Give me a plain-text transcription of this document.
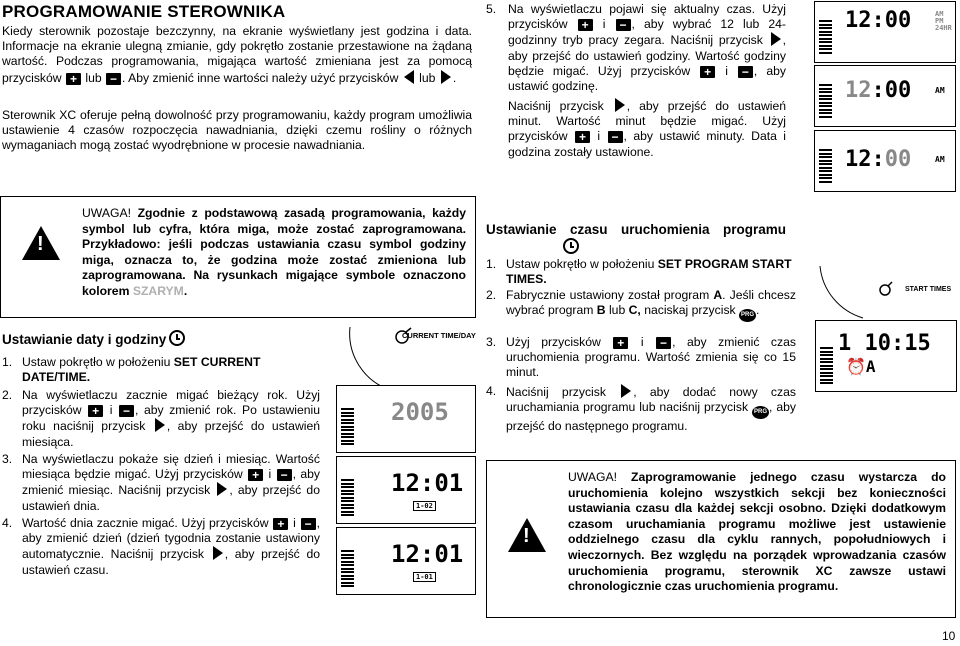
PROGRAMOWANIE STEROWNIKA
Kiedy sterownik pozostaje bezczynny, na ekranie wyświetlany jest godzina i data. Informacje na ekranie ulegną zmianie, gdy pokrętło zostanie przestawione na żądaną wartość. Podczas programowania, migająca wartość zmieniana jest za pomocą przycisków + lub − . Aby zmienić inne wartości należy użyć przycisków lub .
Sterownik XC oferuje pełną dowolność przy programowaniu, każdy program umożliwia ustawienie 4 czasów rozpoczęcia nawadniania, dzięki czemu rośliny o różnych wymaganiach mogą zostać wyodrębnione w procesie nawadniania.
!
UWAGA! Zgodnie z podstawową zasadą programowania, każdy symbol lub cyfra, która miga, może zostać zaprogramowana. Przykładowo: jeśli podczas ustawiania czasu symbol godziny miga, oznacza to, że godzina może zostać zmieniona lub zaprogramowana. Na rysunkach migające symbole oznaczono kolorem SZARYM.
Ustawianie daty i godziny	CURRENT TIME/DAY
1. Ustaw pokrętło w położeniu SET CURRENT DATE/TIME.
2. Na wyświetlaczu zacznie migać bieżący rok. Użyj przycisków + i − , aby zmienić rok. Po ustawieniu roku naciśnij przycisk , aby przejść do ustawień miesiąca.
3. Na wyświetlaczu pokaże się dzień i miesiąc. Wartość miesiąca będzie migać. Użyj przycisków + i − , aby zmienić miesiąc. Naciśnij przycisk , aby przejść do ustawień dnia.
4. Wartość dnia zacznie migać. Użyj przycisków + i − , aby zmienić dzień (dzień tygodnia zostanie ustawiony automatycznie. Naciśnij przycisk , aby przejść do ustawień czasu.
2005
12:01
1-02
12:01
1-01
5. Na wyświetlaczu pojawi się aktualny czas. Użyj przycisków + i − , aby wybrać 12 lub 24-godzinny tryb pracy zegara. Naciśnij przycisk , aby przejść do ustawień godziny. Wartość godziny będzie migać. Użyj przycisków + i − , aby ustawić godzinę.
Naciśnij przycisk , aby przejść do ustawień minut. Wartość minut będzie migać. Użyj przycisków + i − , aby ustawić minuty. Data i godzina zostały ustawione.
12:00	AM
PM
24HR
12:00	AM
12:00	AM
Ustawianie czasu uruchomienia programu
1. Ustaw pokrętło w położeniu SET PROGRAM START TIMES.
2. Fabrycznie ustawiony został program A. Jeśli chcesz wybrać program B lub C, naciskaj przycisk PRG .
3. Użyj przycisków + i − , aby zmienić czas uruchomienia programu. Wartość zmienia się co 15 minut.
4. Naciśnij przycisk , aby dodać nowy czas uruchamiania programu lub naciśnij przycisk PRG , aby przejść do następnego programu.
START TIMES
1 10:15
⏰A
!
UWAGA! Zaprogramowanie jednego czasu wystarcza do uruchomienia kolejno wszystkich sekcji bez konieczności ustawiania czasu dla każdej sekcji osobno. Dzięki dodatkowym czasom uruchamiania programu możliwe jest ustawienie oddzielnego czasu dla cyklu rannych, popołudniowych i wieczornych. Bez względu na porządek wprowadzania czasów uruchomienia programu, sterownik XC zawsze ustawi chronologicznie czas uruchomienia programu.
10
